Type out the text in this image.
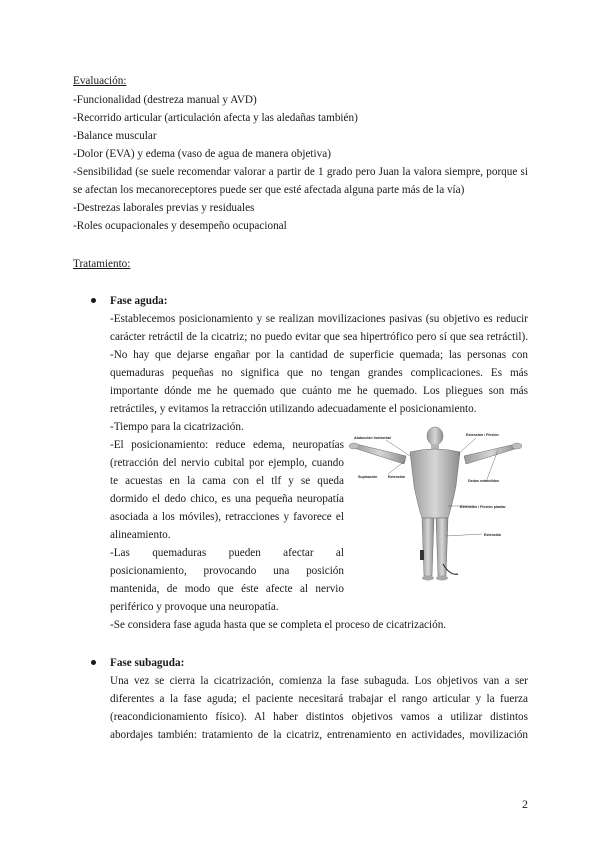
Evaluación:
-Funcionalidad (destreza manual y AVD)
-Recorrido articular (articulación afecta y las aledañas también)
-Balance muscular
-Dolor (EVA) y edema (vaso de agua de manera objetiva)
-Sensibilidad (se suele recomendar valorar a partir de 1 grado pero Juan la valora siempre, porque si
se afectan los mecanoreceptores puede ser que esté afectada alguna parte más de la vía)
-Destrezas laborales previas y residuales
-Roles ocupacionales y desempeño ocupacional
Tratamiento:
Fase aguda:
-Establecemos posicionamiento y se realizan movilizaciones pasivas (su objetivo es reducir
carácter retráctil de la cicatriz; no puedo evitar que sea hipertrófico pero sí que sea retráctil).
-No hay que dejarse engañar por la cantidad de superficie quemada; las personas con
quemaduras pequeñas no significa que no tengan grandes complicaciones. Es más
importante dónde me he quemado que cuánto me he quemado. Los pliegues son más
retráctiles, y evitamos la retracción utilizando adecuadamente el posicionamiento.
-Tiempo para la cicatrización.
-El posicionamiento: reduce edema, neuropatías
(retracción del nervio cubital por ejemplo, cuando
te acuestas en la cama con el tlf y se queda
dormido el dedo chico, es una pequeña neuropatía
asociada a los móviles), retracciones y favorece el
alineamiento.
-Las quemaduras pueden afectar al
posicionamiento, provocando una posición
mantenida, de modo que éste afecte al nervio
periférico y provoque una neuropatía.
-Se considera fase aguda hasta que se completa el proceso de cicatrización.
Abducción horizontal
Extensión / Flexión
Supinación	Extensión
Dedos extendidos
Extensión / Flexión plantar
Extensión
Fase subaguda:
Una vez se cierra la cicatrización, comienza la fase subaguda. Los objetivos van a ser
diferentes a la fase aguda; el paciente necesitará trabajar el rango articular y la fuerza
(reacondicionamiento físico). Al haber distintos objetivos vamos a utilizar distintos
abordajes también: tratamiento de la cicatriz, entrenamiento en actividades, movilización
2
